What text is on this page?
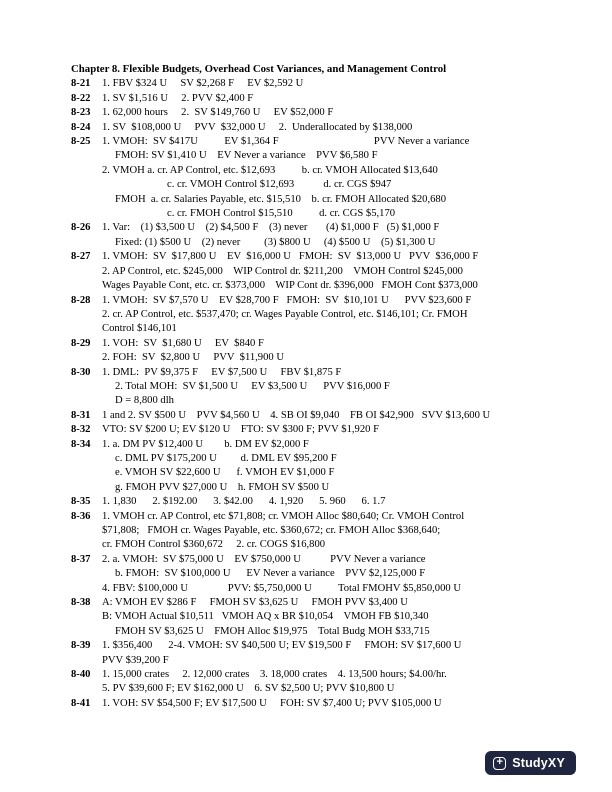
Chapter 8. Flexible Budgets, Overhead Cost Variances, and Management Control
8-21	1. FBV $324 U     SV $2,268 F     EV $2,592 U
8-22	1. SV $1,516 U     2. PVV $2,400 F
8-23	1. 62,000 hours     2.  SV $149,760 U     EV $52,000 F
8-24	1. SV  $108,000 U     PVV  $32,000 U     2.  Underallocated by $138,000
8-25	1. VMOH:  SV $417U          EV $1,364 F                                    PVV Never a variance
FMOH: SV $1,410 U    EV Never a variance    PVV $6,580 F
2. VMOH a. cr. AP Control, etc. $12,693          b. cr. VMOH Allocated $13,640
c. cr. VMOH Control $12,693           d. cr. CGS $947
FMOH  a. cr. Salaries Payable, etc. $15,510    b. cr. FMOH Allocated $20,680
c. cr. FMOH Control $15,510          d. cr. CGS $5,170
8-26	1. Var:    (1) $3,500 U    (2) $4,500 F    (3) never       (4) $1,000 F   (5) $1,000 F
Fixed: (1) $500 U    (2) never         (3) $800 U     (4) $500 U    (5) $1,300 U
8-27	1. VMOH:  SV  $17,800 U    EV  $16,000 U   FMOH:  SV  $13,000 U   PVV  $36,000 F
2. AP Control, etc. $245,000    WIP Control dr. $211,200    VMOH Control $245,000
Wages Payable Cont, etc. cr. $373,000    WIP Cont dr. $396,000   FMOH Cont $373,000
8-28	1. VMOH:  SV $7,570 U    EV $28,700 F   FMOH:  SV  $10,101 U      PVV $23,600 F
2. cr. AP Control, etc. $537,470; cr. Wages Payable Control, etc. $146,101; Cr. FMOH
Control $146,101
8-29	1. VOH:  SV  $1,680 U     EV  $840 F
2. FOH:  SV  $2,800 U     PVV  $11,900 U
8-30	1. DML:  PV $9,375 F     EV $7,500 U     FBV $1,875 F
2. Total MOH:  SV $1,500 U     EV $3,500 U      PVV $16,000 F
D = 8,800 dlh
8-31	1 and 2. SV $500 U    PVV $4,560 U    4. SB OI $9,040    FB OI $42,900   SVV $13,600 U
8-32	VTO: SV $200 U; EV $120 U    FTO: SV $300 F; PVV $1,920 F
8-34	1. a. DM PV $12,400 U        b. DM EV $2,000 F
c. DML PV $175,200 U         d. DML EV $95,200 F
e. VMOH SV $22,600 U      f. VMOH EV $1,000 F
g. FMOH PVV $27,000 U    h. FMOH SV $500 U
8-35	1. 1,830      2. $192.00      3. $42.00      4. 1,920      5. 960      6. 1.7
8-36	1. VMOH cr. AP Control, etc $71,808; cr. VMOH Alloc $80,640; Cr. VMOH Control
$71,808;   FMOH cr. Wages Payable, etc. $360,672; cr. FMOH Alloc $368,640;
cr. FMOH Control $360,672     2. cr. COGS $16,800
8-37	2. a. VMOH:  SV $75,000 U    EV $750,000 U           PVV Never a variance
b. FMOH:  SV $100,000 U      EV Never a variance    PVV $2,125,000 F
4. FBV: $100,000 U               PVV: $5,750,000 U          Total FMOHV $5,850,000 U
8-38	A: VMOH EV $286 F     FMOH SV $3,625 U     FMOH PVV $3,400 U
B: VMOH Actual $10,511   VMOH AQ x BR $10,054    VMOH FB $10,340
FMOH SV $3,625 U    FMOH Alloc $19,975    Total Budg MOH $33,715
8-39	1. $356,400      2-4. VMOH: SV $40,500 U; EV $19,500 F     FMOH: SV $17,600 U
PVV $39,200 F
8-40	1. 15,000 crates     2. 12,000 crates    3. 18,000 crates    4. 13,500 hours; $4.00/hr.
5. PV $39,600 F; EV $162,000 U    6. SV $2,500 U; PVV $10,800 U
8-41	1. VOH: SV $54,500 F; EV $17,500 U     FOH: SV $7,400 U; PVV $105,000 U
+ StudyXY
